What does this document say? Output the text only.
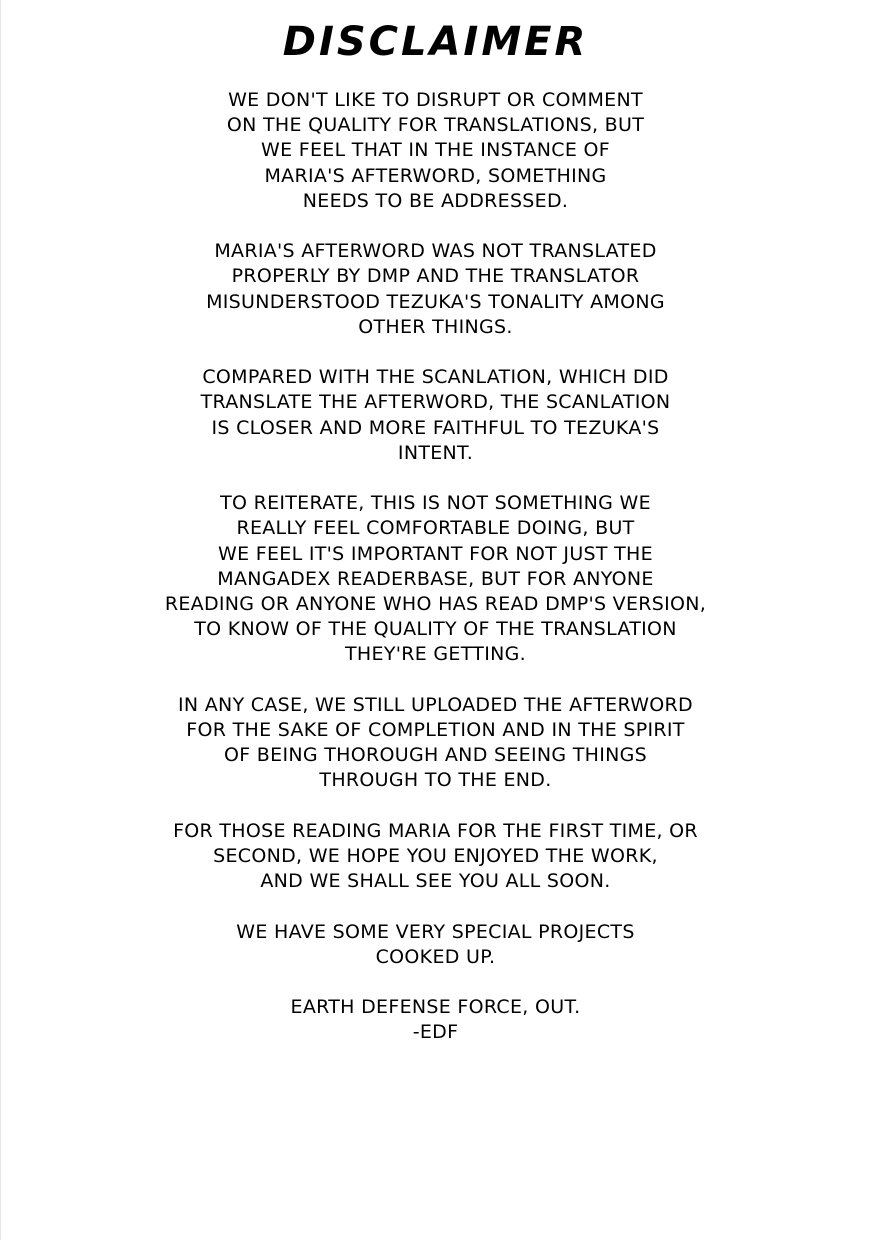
DISCLAIMER

WE DON'T LIKE TO DISRUPT OR COMMENT
ON THE QUALITY FOR TRANSLATIONS, BUT
WE FEEL THAT IN THE INSTANCE OF
MARIA'S AFTERWORD, SOMETHING
NEEDS TO BE ADDRESSED.

MARIA'S AFTERWORD WAS NOT TRANSLATED
PROPERLY BY DMP AND THE TRANSLATOR
MISUNDERSTOOD TEZUKA'S TONALITY AMONG
OTHER THINGS.

COMPARED WITH THE SCANLATION, WHICH DID
TRANSLATE THE AFTERWORD, THE SCANLATION
IS CLOSER AND MORE FAITHFUL TO TEZUKA'S
INTENT.

TO REITERATE, THIS IS NOT SOMETHING WE
REALLY FEEL COMFORTABLE DOING, BUT
WE FEEL IT'S IMPORTANT FOR NOT JUST THE
MANGADEX READERBASE, BUT FOR ANYONE
READING OR ANYONE WHO HAS READ DMP'S VERSION,
TO KNOW OF THE QUALITY OF THE TRANSLATION
THEY'RE GETTING.

IN ANY CASE, WE STILL UPLOADED THE AFTERWORD
FOR THE SAKE OF COMPLETION AND IN THE SPIRIT
OF BEING THOROUGH AND SEEING THINGS
THROUGH TO THE END.

FOR THOSE READING MARIA FOR THE FIRST TIME, OR
SECOND, WE HOPE YOU ENJOYED THE WORK,
AND WE SHALL SEE YOU ALL SOON.

WE HAVE SOME VERY SPECIAL PROJECTS
COOKED UP.

EARTH DEFENSE FORCE, OUT.
-EDF
